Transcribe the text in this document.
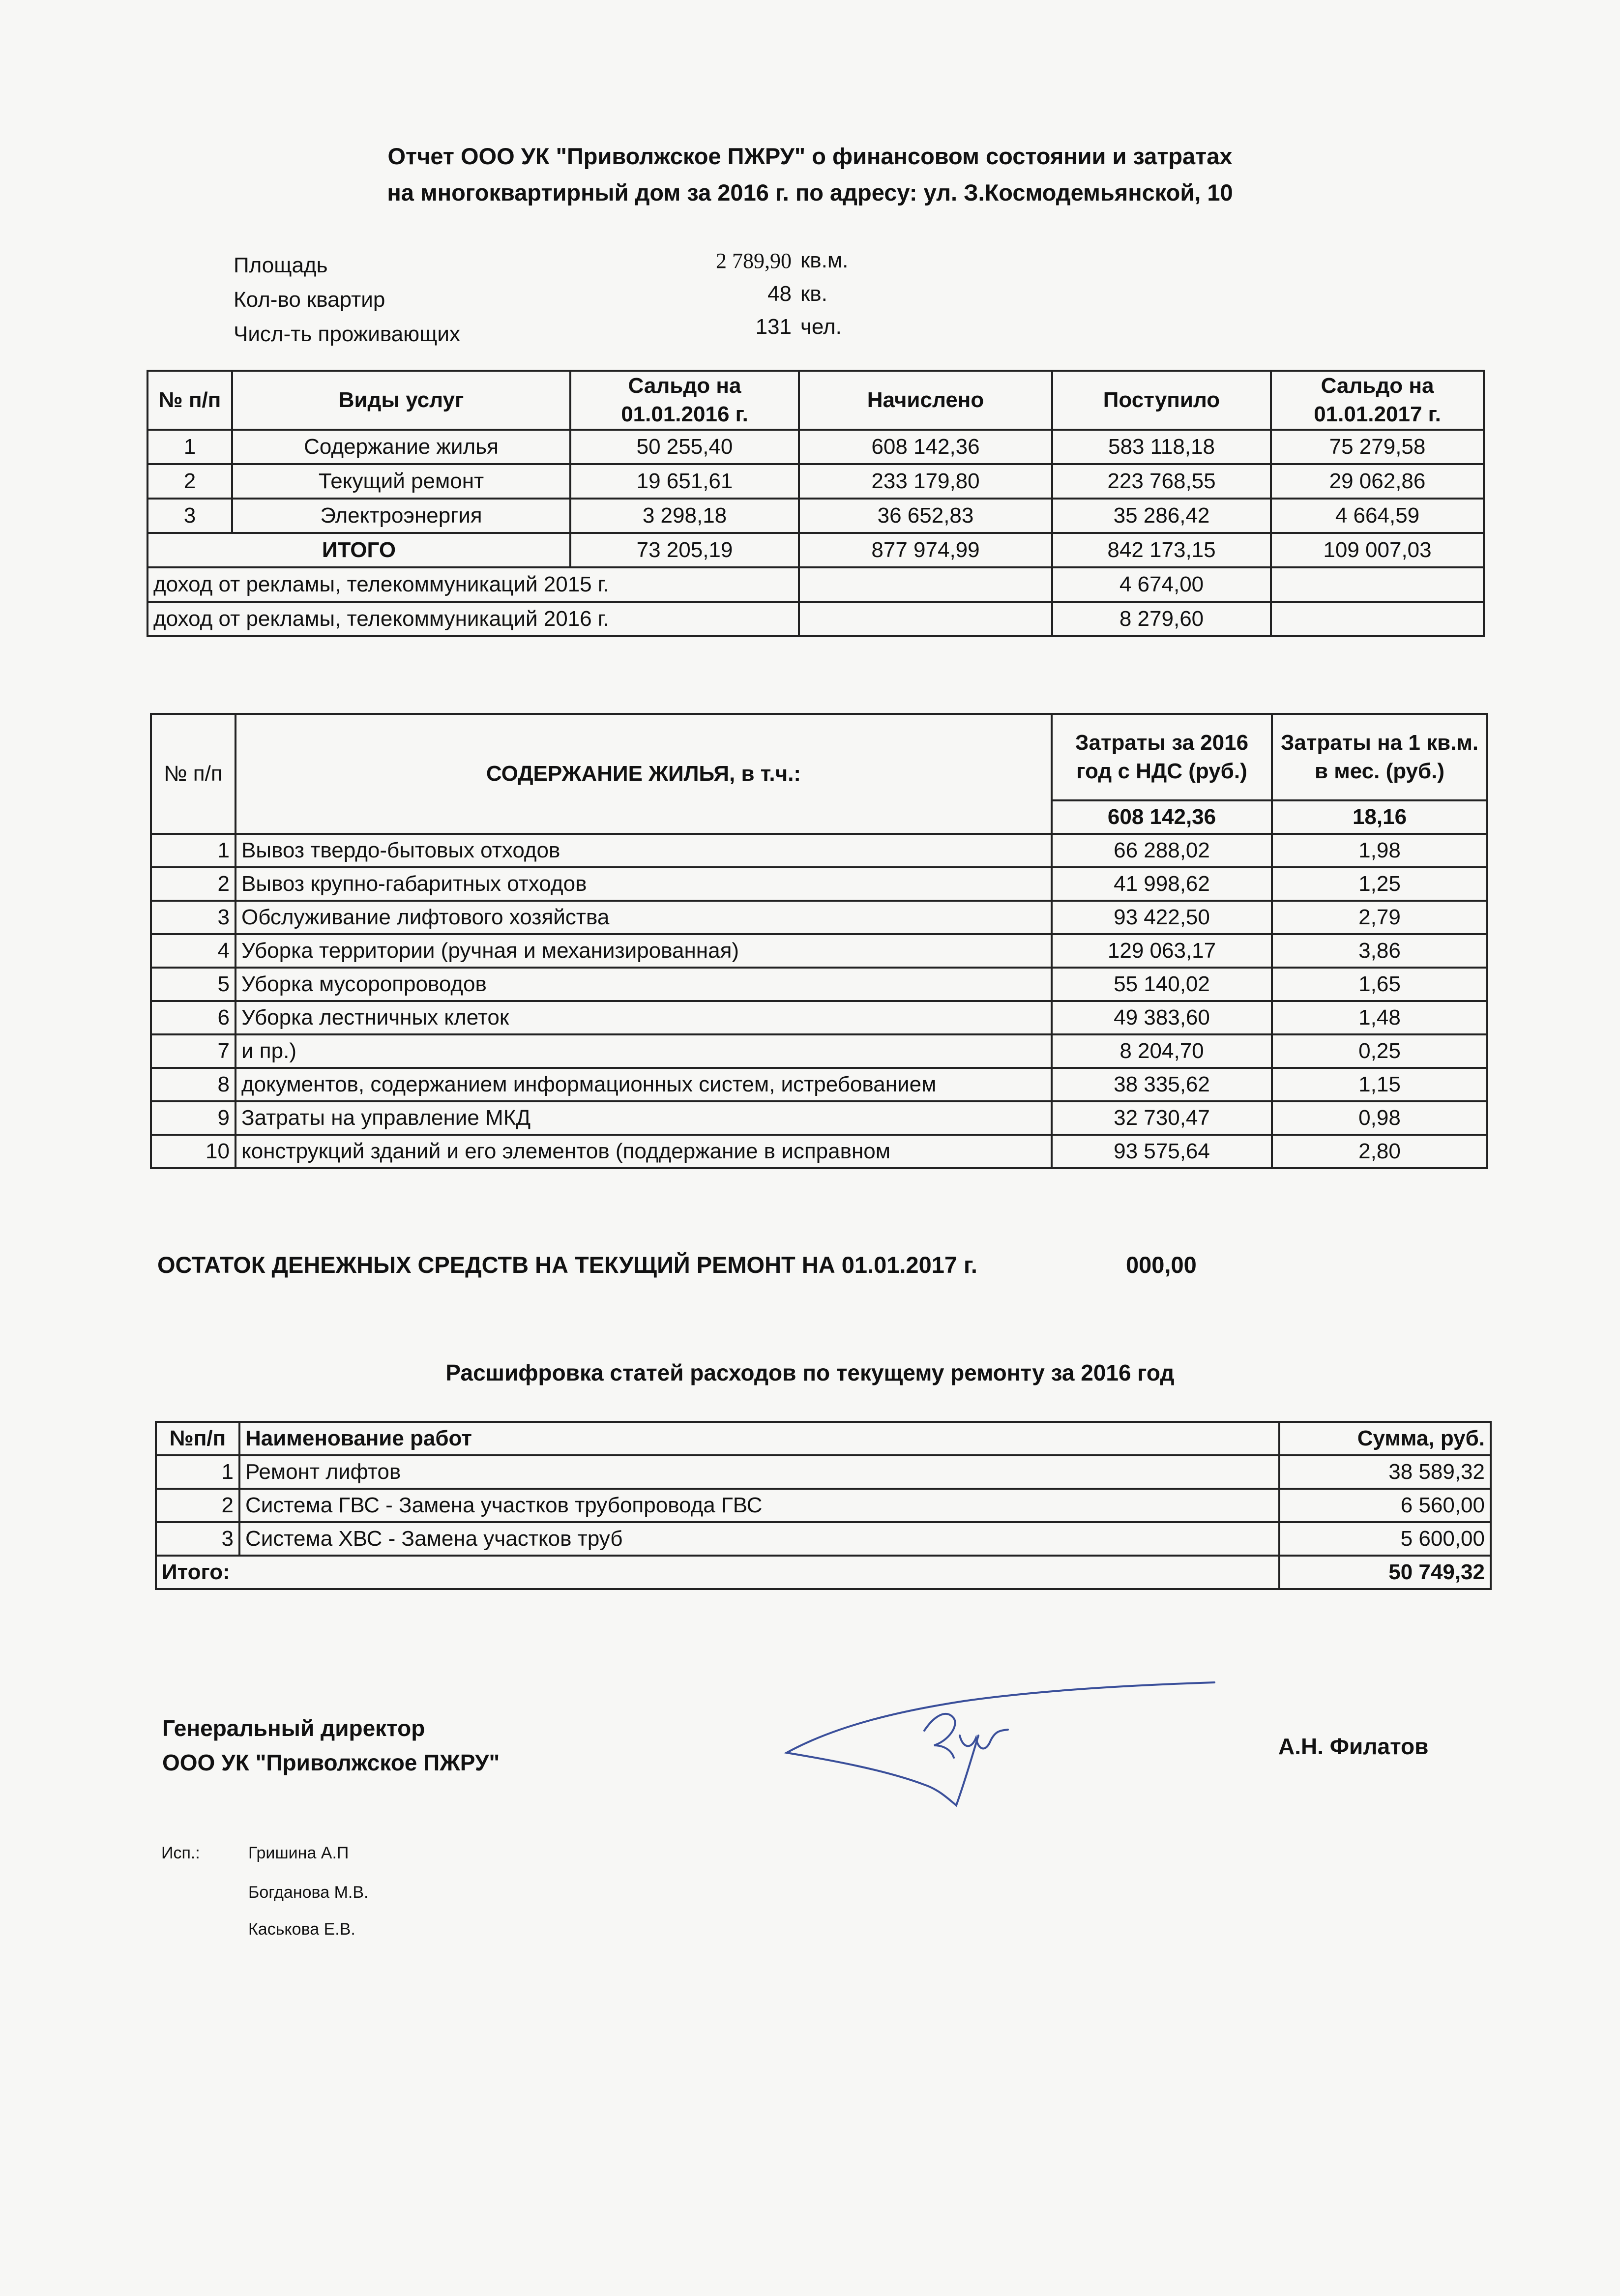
Отчет ООО УК "Приволжское ПЖРУ" о финансовом состоянии и затратах
на многоквартирный дом за 2016 г. по адресу: ул. З.Космодемьянской, 10
Площадь	2 789,90 кв.м.
Кол-во квартир	48 кв.
Числ-ть проживающих	131 чел.
№ п/п	Виды услуг	Сальдо на 01.01.2016 г.	Начислено	Поступило	Сальдо на 01.01.2017 г.
1	Содержание жилья	50 255,40	608 142,36	583 118,18	75 279,58
2	Текущий ремонт	19 651,61	233 179,80	223 768,55	29 062,86
3	Электроэнергия	3 298,18	36 652,83	35 286,42	4 664,59
ИТОГО		73 205,19	877 974,99	842 173,15	109 007,03
доход от рекламы, телекоммуникаций 2015 г.				4 674,00	
доход от рекламы, телекоммуникаций 2016 г.				8 279,60	
№ п/п	СОДЕРЖАНИЕ ЖИЛЬЯ, в т.ч.:	Затраты за 2016 год с НДС (руб.)	Затраты на 1 кв.м. в мес. (руб.)
		608 142,36	18,16
1	Вывоз твердо-бытовых отходов	66 288,02	1,98
2	Вывоз крупно-габаритных отходов	41 998,62	1,25
3	Обслуживание лифтового хозяйства	93 422,50	2,79
4	Уборка территории (ручная и механизированная)	129 063,17	3,86
5	Уборка мусоропроводов	55 140,02	1,65
6	Уборка лестничных клеток	49 383,60	1,48
7	и пр.)	8 204,70	0,25
8	документов, содержанием информационных систем, истребованием	38 335,62	1,15
9	Затраты на управление МКД	32 730,47	0,98
10	конструкций зданий и его элементов (поддержание в исправном	93 575,64	2,80
ОСТАТОК ДЕНЕЖНЫХ СРЕДСТВ НА ТЕКУЩИЙ РЕМОНТ НА 01.01.2017 г.	000,00
Расшифровка статей расходов по текущему ремонту за 2016 год
№п/п	Наименование работ	Сумма, руб.
1	Ремонт лифтов	38 589,32
2	Система ГВС - Замена участков трубопровода ГВС	6 560,00
3	Система ХВС - Замена участков труб	5 600,00
Итого:		50 749,32
Генеральный директор
ООО УК "Приволжское ПЖРУ"
А.Н. Филатов
Исп.:	Гришина А.П
Богданова М.В.
Каськова Е.В.
